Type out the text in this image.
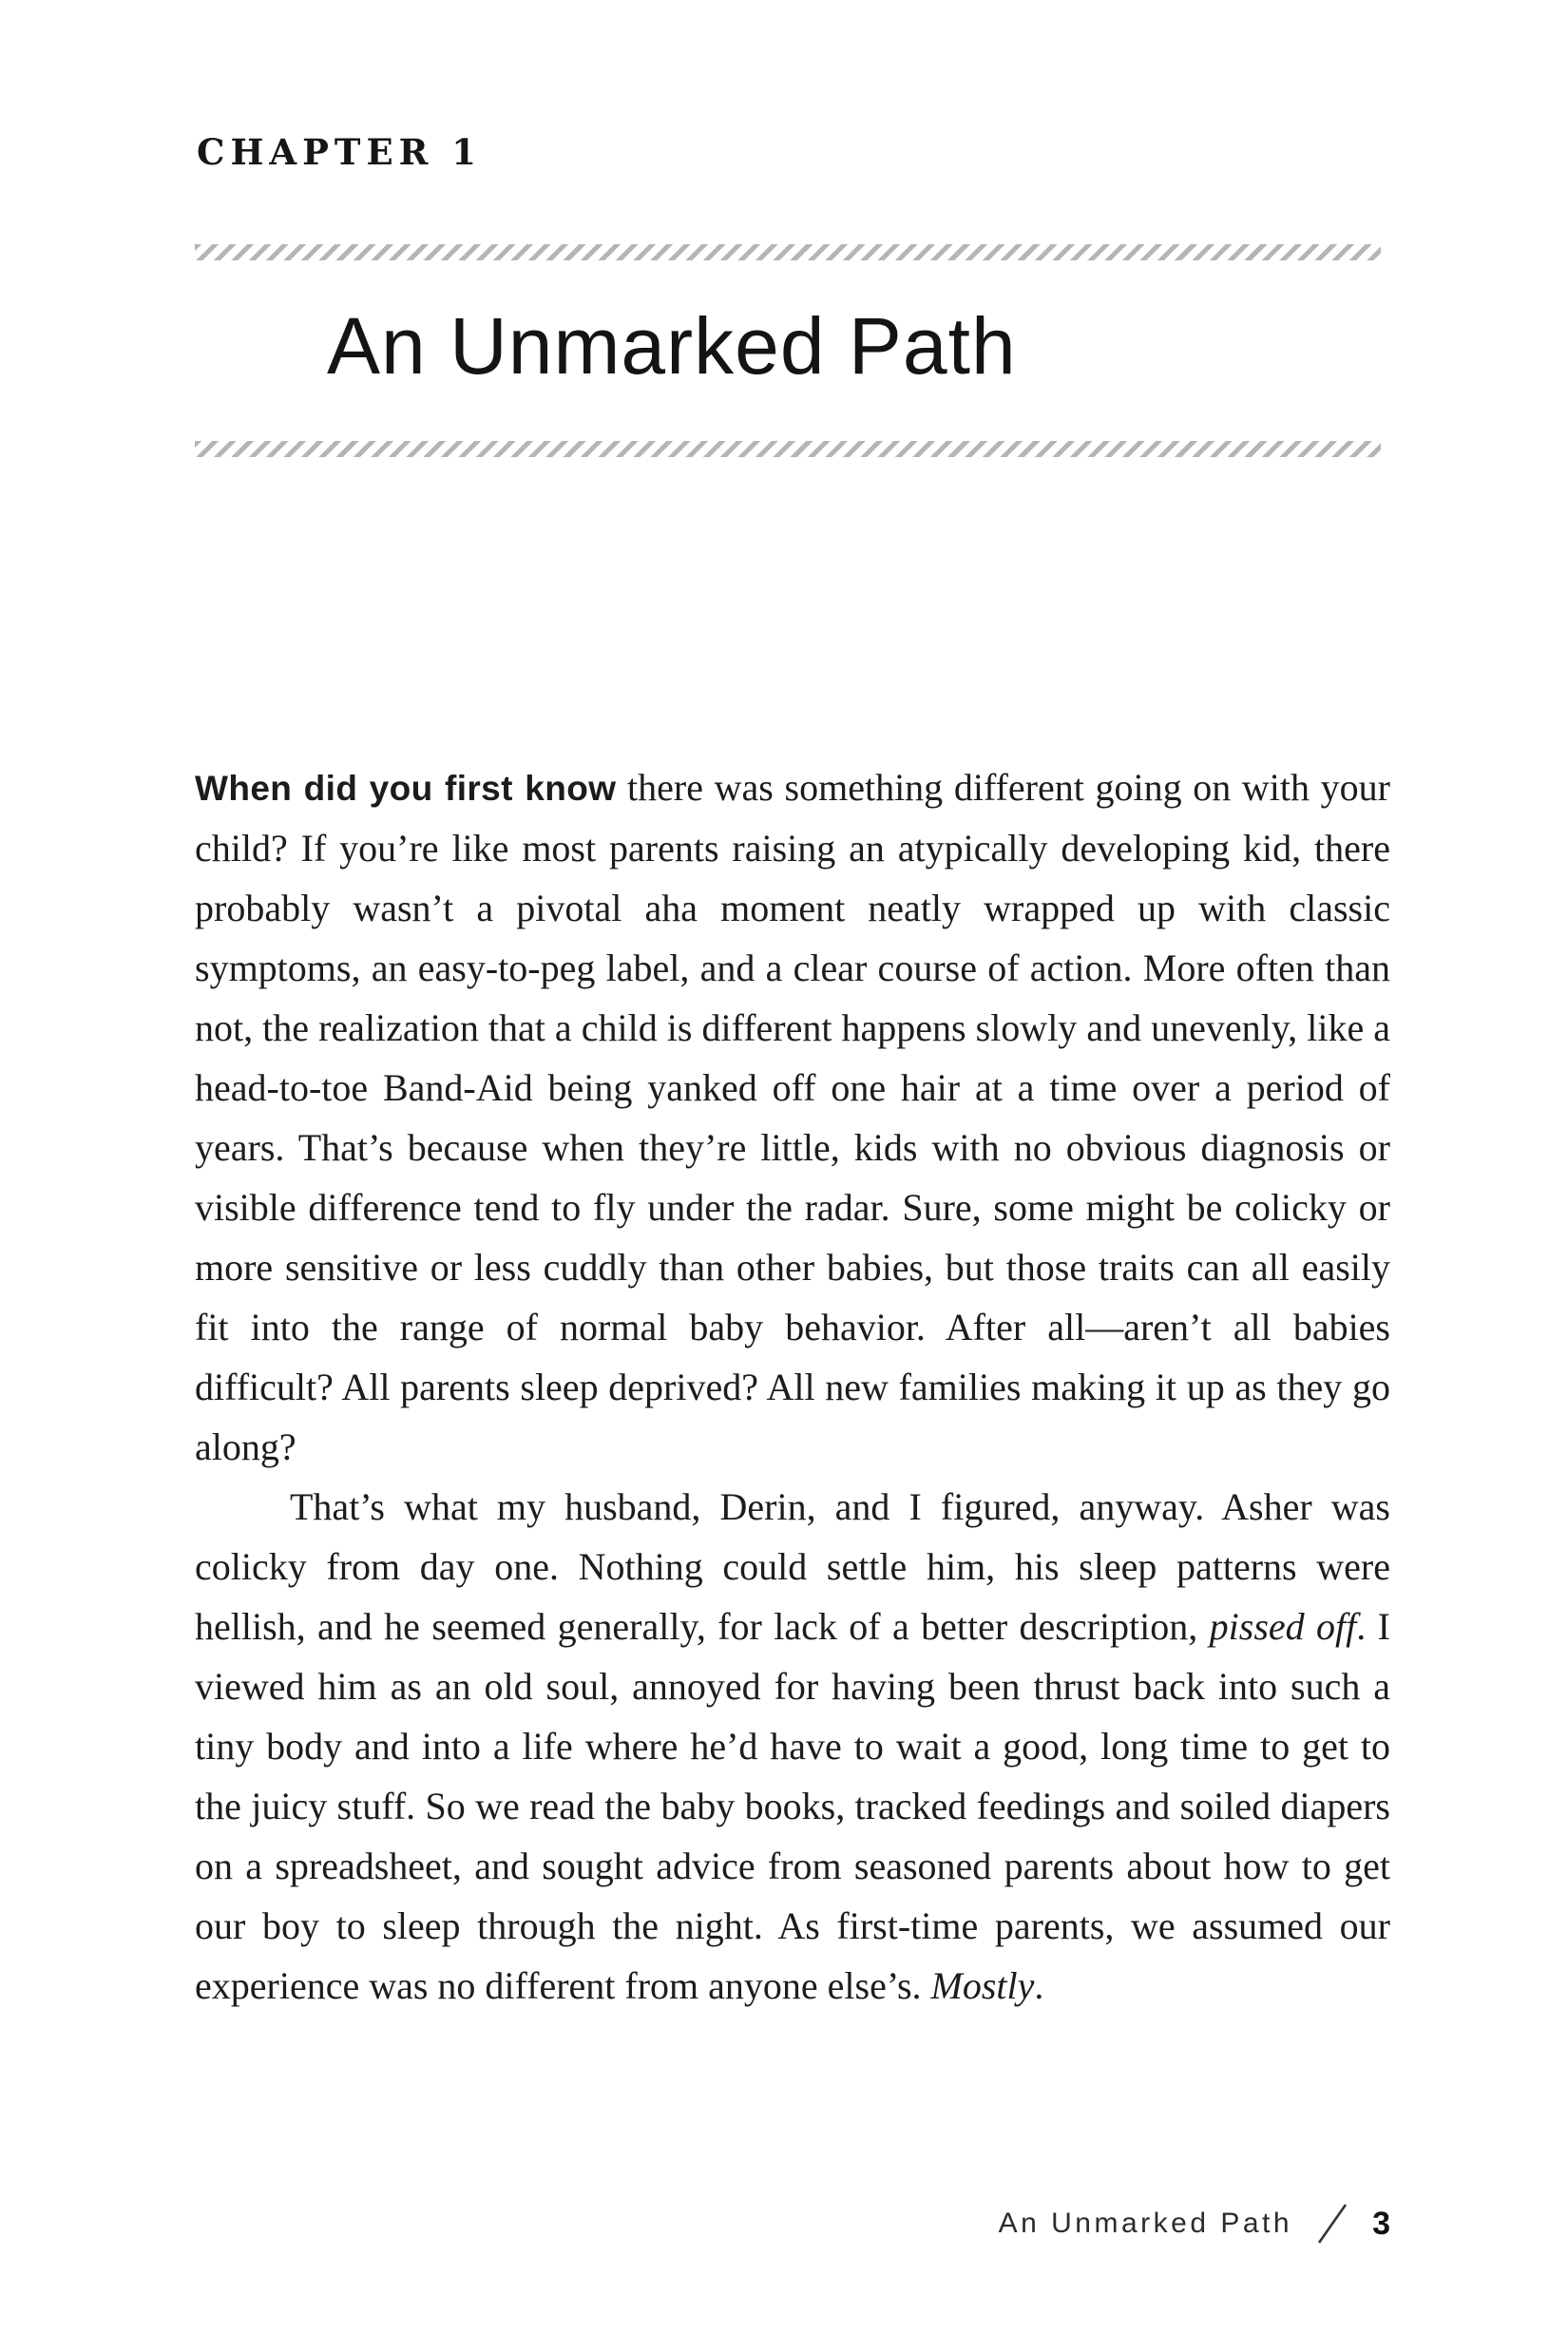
CHAPTER 1
An Unmarked Path

When did you first know there was something different going on with your child? If you’re like most parents raising an atypically developing kid, there probably wasn’t a pivotal aha moment neatly wrapped up with classic symptoms, an easy-to-peg label, and a clear course of action. More often than not, the realization that a child is different happens slowly and unevenly, like a head-to-toe Band-Aid being yanked off one hair at a time over a period of years. That’s because when they’re little, kids with no obvious diagnosis or visible difference tend to fly under the radar. Sure, some might be colicky or more sensitive or less cuddly than other babies, but those traits can all easily fit into the range of normal baby behavior. After all—aren’t all babies difficult? All parents sleep deprived? All new families making it up as they go along?

That’s what my husband, Derin, and I figured, anyway. Asher was colicky from day one. Nothing could settle him, his sleep patterns were hellish, and he seemed generally, for lack of a better description, pissed off. I viewed him as an old soul, annoyed for having been thrust back into such a tiny body and into a life where he’d have to wait a good, long time to get to the juicy stuff. So we read the baby books, tracked feedings and soiled diapers on a spreadsheet, and sought advice from seasoned parents about how to get our boy to sleep through the night. As first-time parents, we assumed our experience was no different from anyone else’s. Mostly.

An Unmarked Path 3
